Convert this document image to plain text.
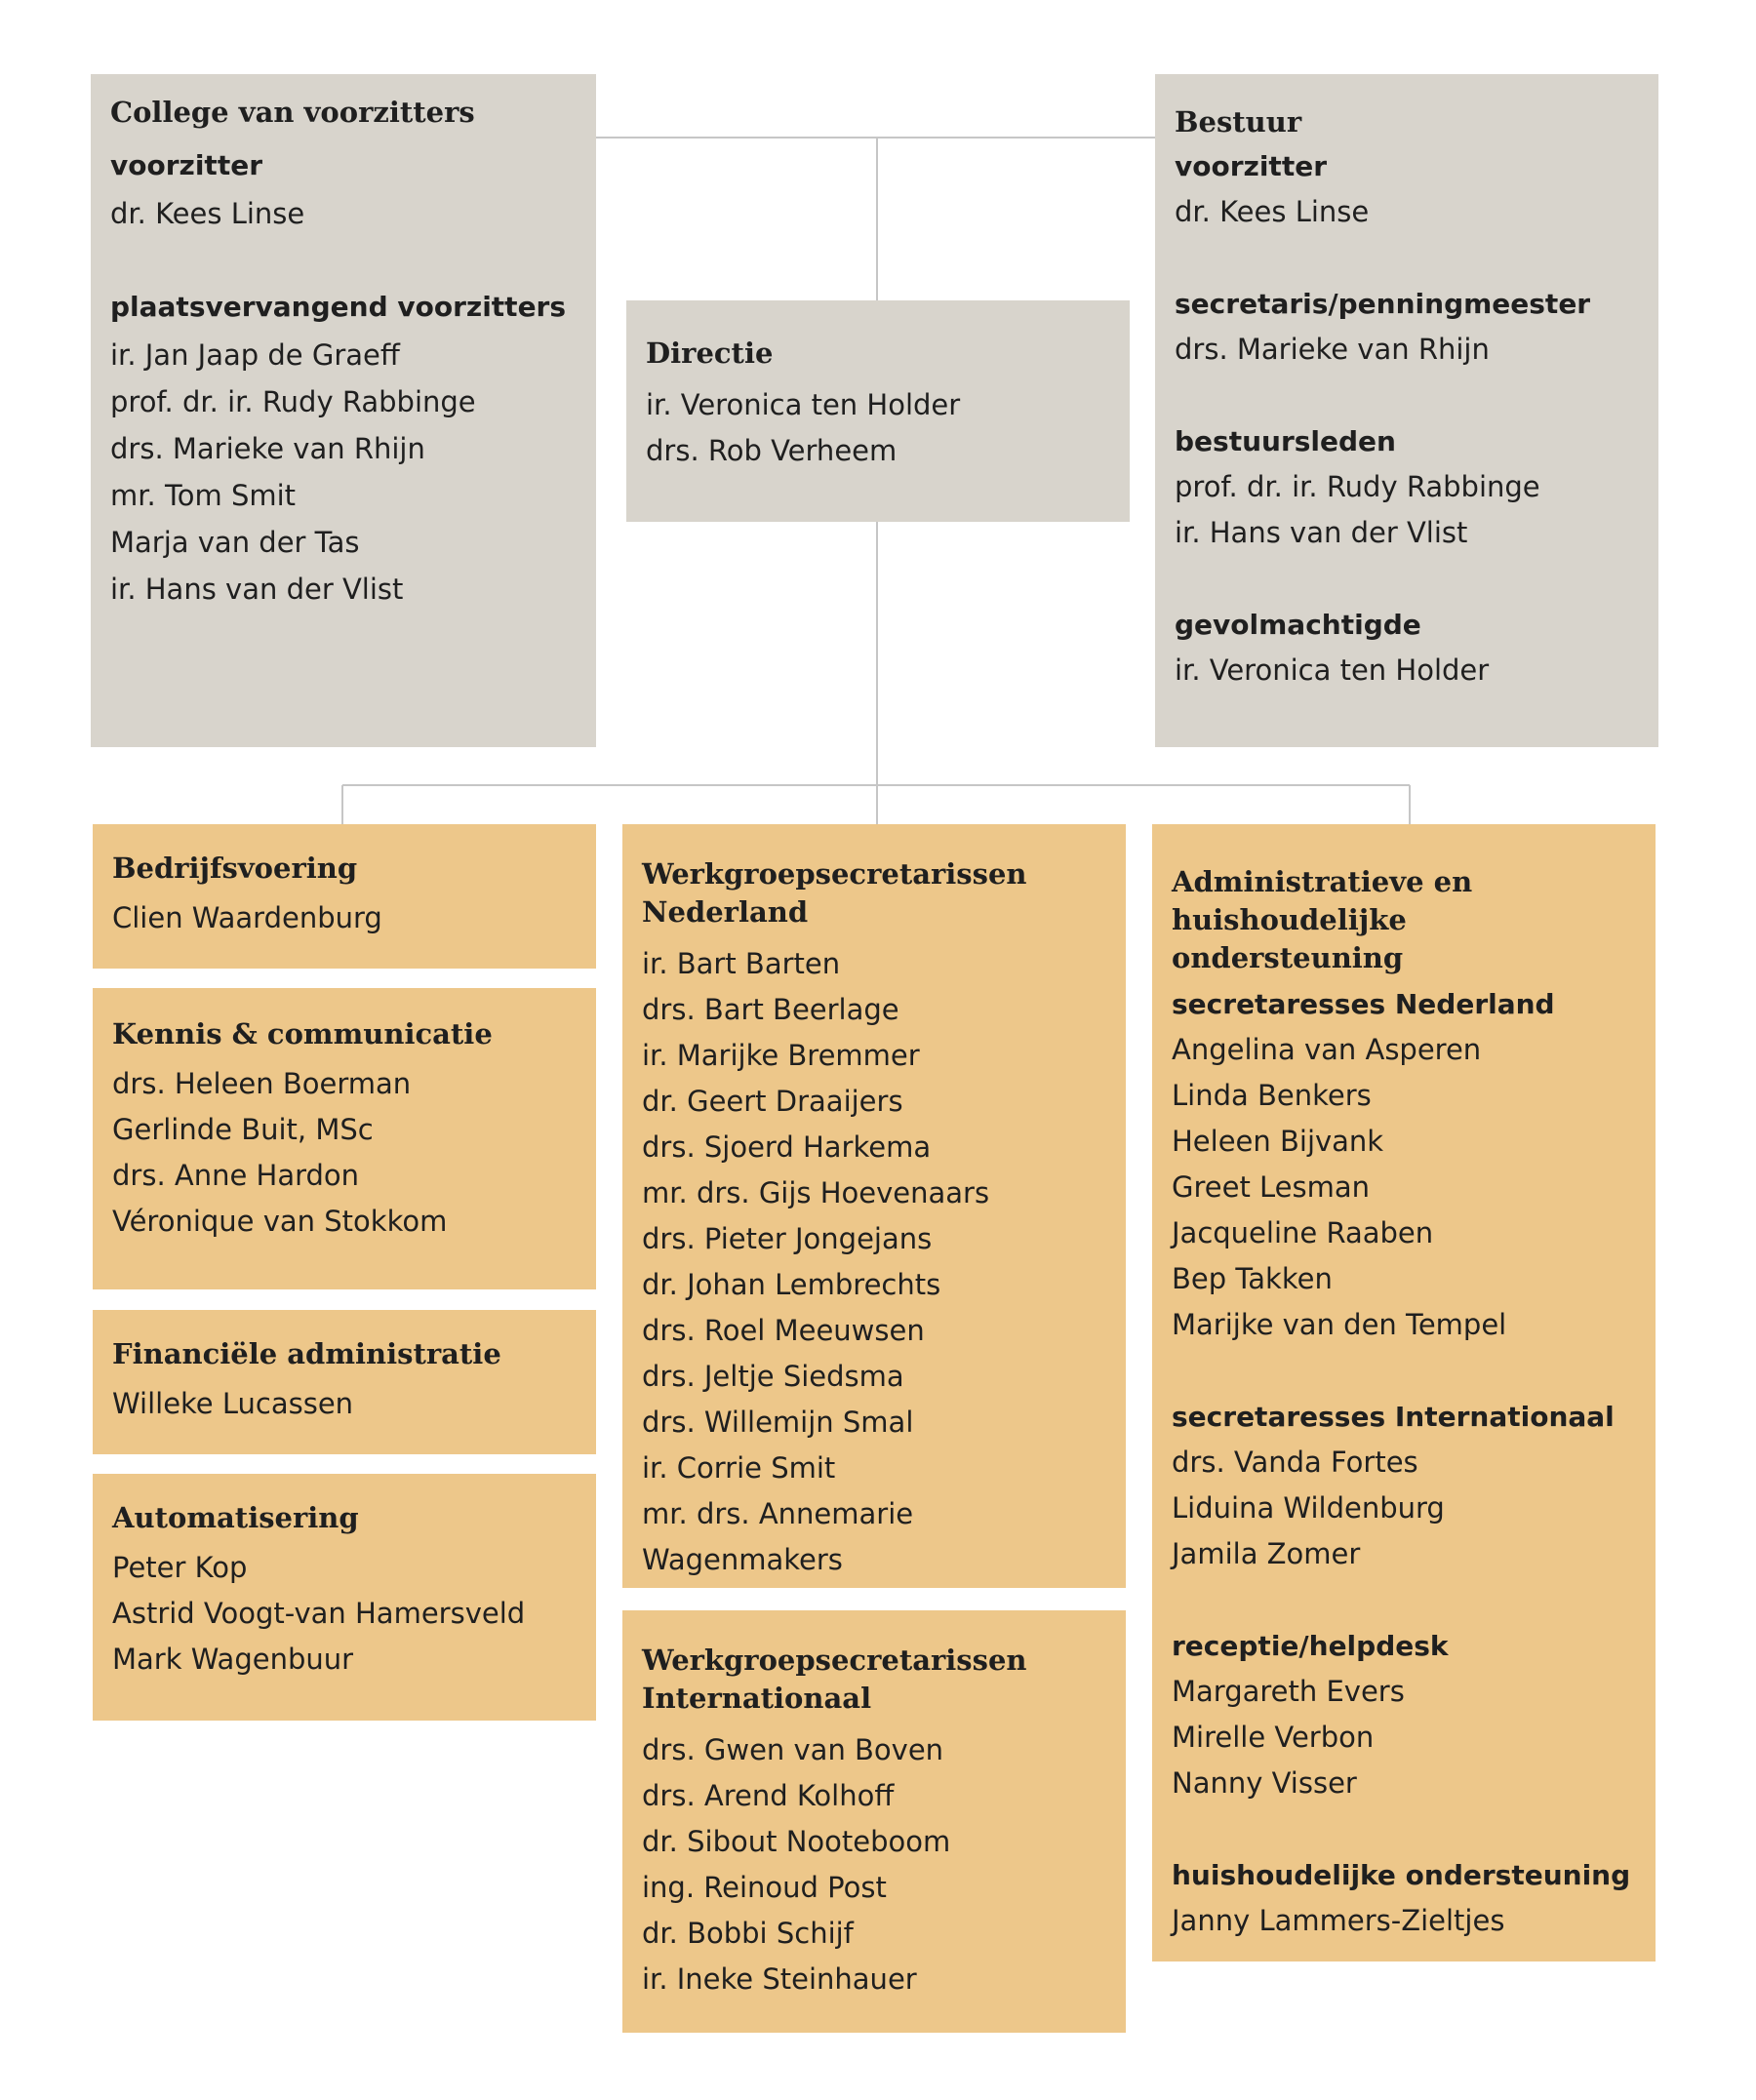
College van voorzitters
voorzitter
dr. Kees Linse
plaatsvervangend voorzitters
ir. Jan Jaap de Graeff
prof. dr. ir. Rudy Rabbinge
drs. Marieke van Rhijn
mr. Tom Smit
Marja van der Tas
ir. Hans van der Vlist
Directie
ir. Veronica ten Holder
drs. Rob Verheem
Bestuur
voorzitter
dr. Kees Linse
secretaris/penningmeester
drs. Marieke van Rhijn
bestuursleden
prof. dr. ir. Rudy Rabbinge
ir. Hans van der Vlist
gevolmachtigde
ir. Veronica ten Holder
Bedrijfsvoering
Clien Waardenburg
Kennis & communicatie
drs. Heleen Boerman
Gerlinde Buit, MSc
drs. Anne Hardon
Véronique van Stokkom
Financiële administratie
Willeke Lucassen
Automatisering
Peter Kop
Astrid Voogt-van Hamersveld
Mark Wagenbuur
Werkgroepsecretarissen
Nederland
ir. Bart Barten
drs. Bart Beerlage
ir. Marijke Bremmer
dr. Geert Draaijers
drs. Sjoerd Harkema
mr. drs. Gijs Hoevenaars
drs. Pieter Jongejans
dr. Johan Lembrechts
drs. Roel Meeuwsen
drs. Jeltje Siedsma
drs. Willemijn Smal
ir. Corrie Smit
mr. drs. Annemarie Wagenmakers
Werkgroepsecretarissen
Internationaal
drs. Gwen van Boven
drs. Arend Kolhoff
dr. Sibout Nooteboom
ing. Reinoud Post
dr. Bobbi Schijf
ir. Ineke Steinhauer
Administratieve en
huishoudelijke ondersteuning
secretaresses Nederland
Angelina van Asperen
Linda Benkers
Heleen Bijvank
Greet Lesman
Jacqueline Raaben
Bep Takken
Marijke van den Tempel
secretaresses Internationaal
drs. Vanda Fortes
Liduina Wildenburg
Jamila Zomer
receptie/helpdesk
Margareth Evers
Mirelle Verbon
Nanny Visser
huishoudelijke ondersteuning
Janny Lammers-Zieltjes
